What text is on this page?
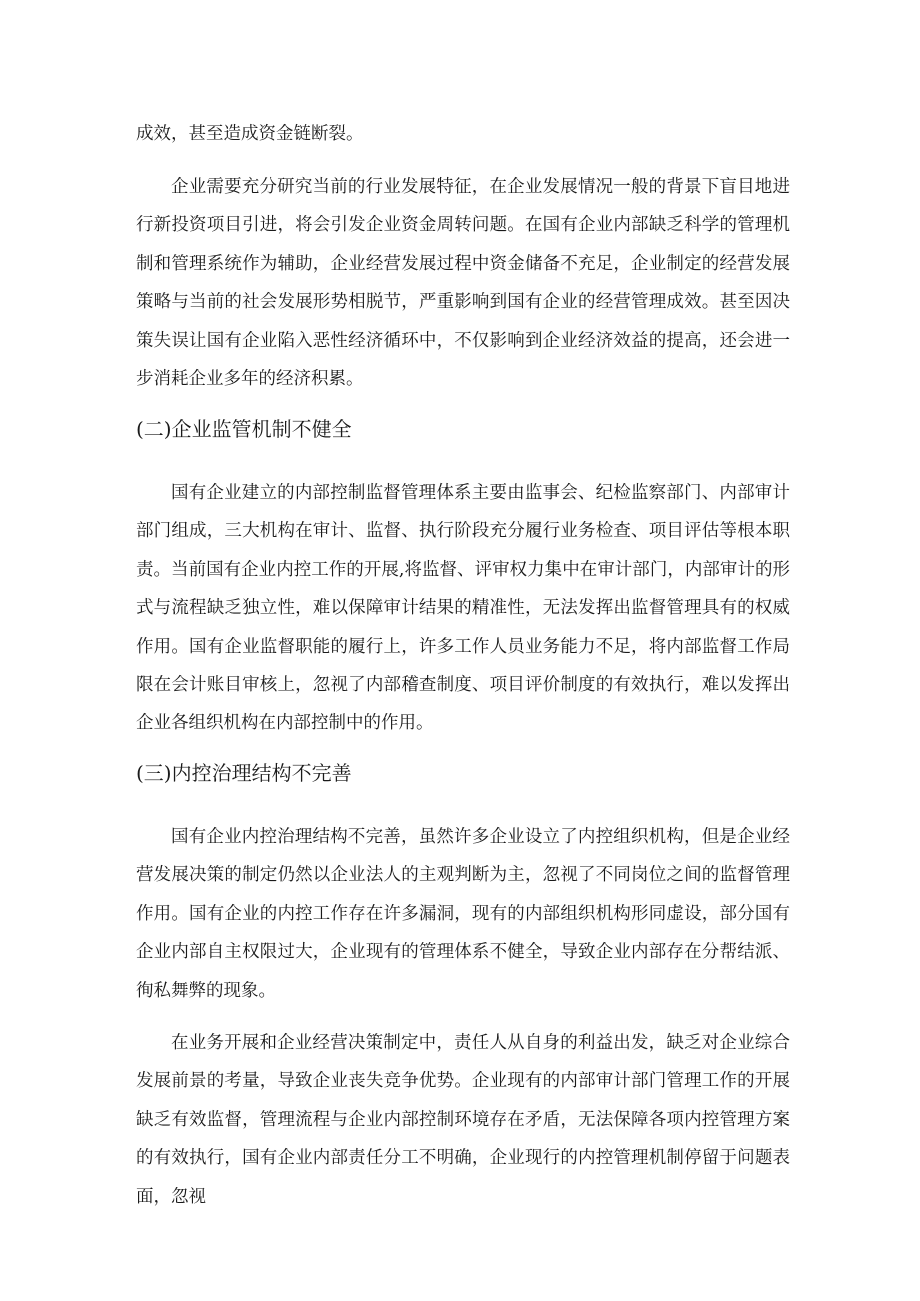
成效，甚至造成资金链断裂。

企业需要充分研究当前的行业发展特征，在企业发展情况一般的背景下盲目地进行新投资项目引进，将会引发企业资金周转问题。在国有企业内部缺乏科学的管理机制和管理系统作为辅助，企业经营发展过程中资金储备不充足，企业制定的经营发展策略与当前的社会发展形势相脱节，严重影响到国有企业的经营管理成效。甚至因决策失误让国有企业陷入恶性经济循环中，不仅影响到企业经济效益的提高，还会进一步消耗企业多年的经济积累。

(二)企业监管机制不健全

国有企业建立的内部控制监督管理体系主要由监事会、纪检监察部门、内部审计部门组成，三大机构在审计、监督、执行阶段充分履行业务检查、项目评估等根本职责。当前国有企业内控工作的开展,将监督、评审权力集中在审计部门，内部审计的形式与流程缺乏独立性，难以保障审计结果的精准性，无法发挥出监督管理具有的权威作用。国有企业监督职能的履行上，许多工作人员业务能力不足，将内部监督工作局限在会计账目审核上，忽视了内部稽查制度、项目评价制度的有效执行，难以发挥出企业各组织机构在内部控制中的作用。

(三)内控治理结构不完善

国有企业内控治理结构不完善，虽然许多企业设立了内控组织机构，但是企业经营发展决策的制定仍然以企业法人的主观判断为主，忽视了不同岗位之间的监督管理作用。国有企业的内控工作存在许多漏洞，现有的内部组织机构形同虚设，部分国有企业内部自主权限过大，企业现有的管理体系不健全，导致企业内部存在分帮结派、徇私舞弊的现象。

在业务开展和企业经营决策制定中，责任人从自身的利益出发，缺乏对企业综合发展前景的考量，导致企业丧失竞争优势。企业现有的内部审计部门管理工作的开展缺乏有效监督，管理流程与企业内部控制环境存在矛盾，无法保障各项内控管理方案的有效执行，国有企业内部责任分工不明确，企业现行的内控管理机制停留于问题表面，忽视
